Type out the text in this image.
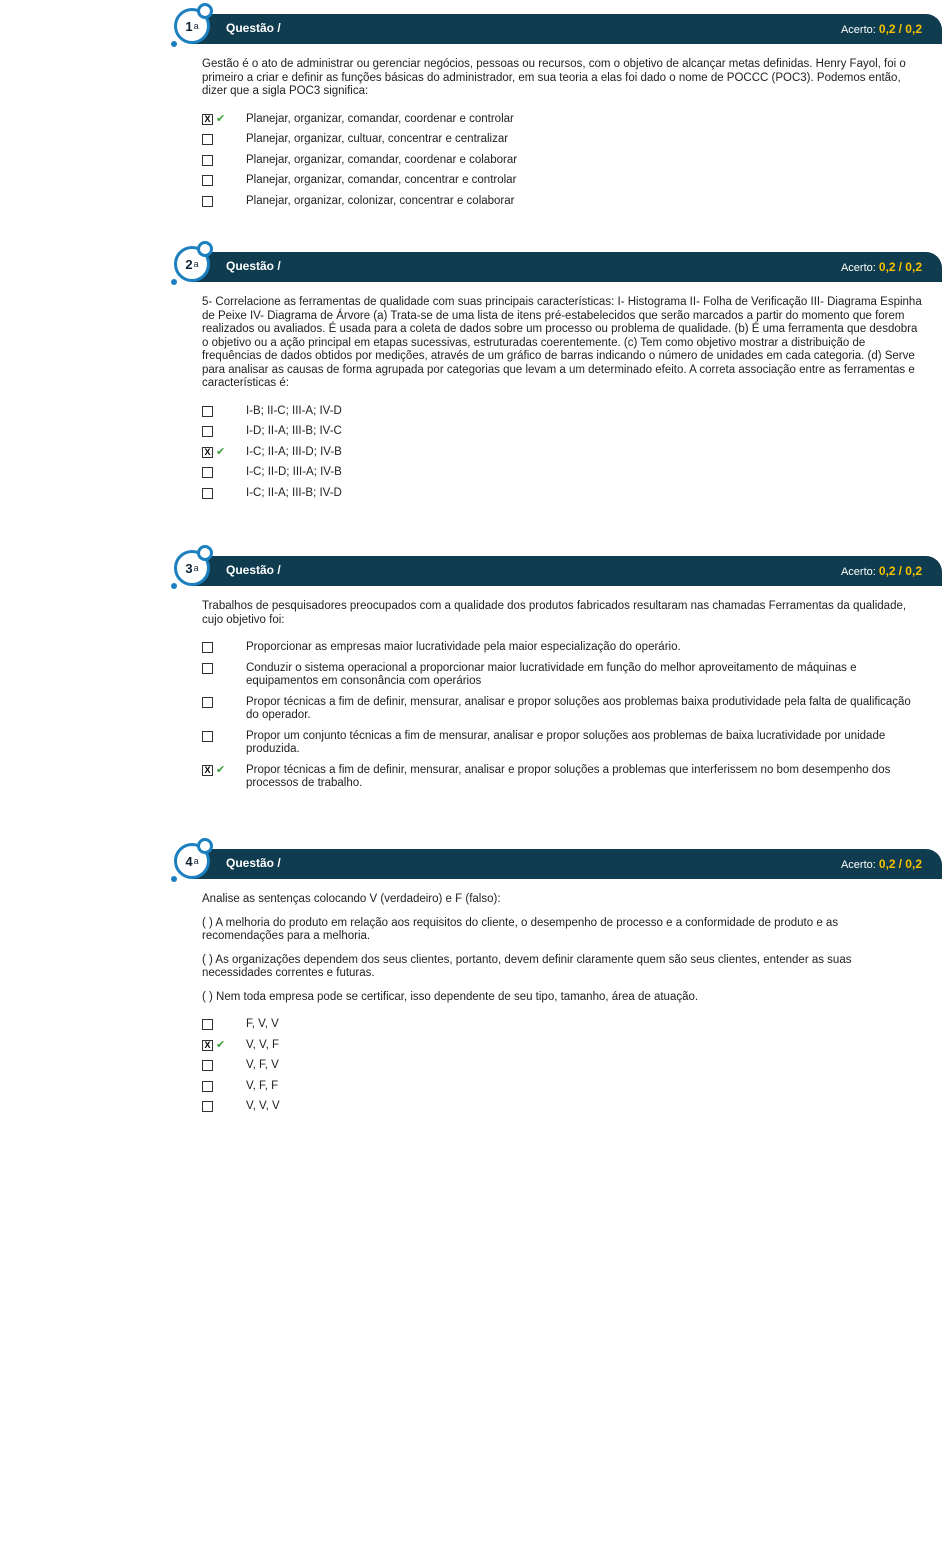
1 a Questão /	Acerto: 0,2 / 0,2

Gestão é o ato de administrar ou gerenciar negócios, pessoas ou recursos, com o objetivo de alcançar metas definidas. Henry Fayol, foi o primeiro a criar e definir as funções básicas do administrador, em sua teoria a elas foi dado o nome de POCCC (POC3). Podemos então, dizer que a sigla POC3 significa:

X ✔	Planejar, organizar, comandar, coordenar e controlar
Planejar, organizar, cultuar, concentrar e centralizar
Planejar, organizar, comandar, coordenar e colaborar
Planejar, organizar, comandar, concentrar e controlar
Planejar, organizar, colonizar, concentrar e colaborar
2 a Questão /	Acerto: 0,2 / 0,2

5- Correlacione as ferramentas de qualidade com suas principais características: I- Histograma II- Folha de Verificação III- Diagrama Espinha de Peixe IV- Diagrama de Árvore (a) Trata-se de uma lista de itens pré-estabelecidos que serão marcados a partir do momento que forem realizados ou avaliados. É usada para a coleta de dados sobre um processo ou problema de qualidade. (b) É uma ferramenta que desdobra o objetivo ou a ação principal em etapas sucessivas, estruturadas coerentemente. (c) Tem como objetivo mostrar a distribuição de frequências de dados obtidos por medições, através de um gráfico de barras indicando o número de unidades em cada categoria. (d) Serve para analisar as causas de forma agrupada por categorias que levam a um determinado efeito. A correta associação entre as ferramentas e características é:

I-B; II-C; III-A; IV-D
I-D; II-A; III-B; IV-C
X ✔	I-C; II-A; III-D; IV-B
I-C; II-D; III-A; IV-B
I-C; II-A; III-B; IV-D
3 a Questão /	Acerto: 0,2 / 0,2

Trabalhos de pesquisadores preocupados com a qualidade dos produtos fabricados resultaram nas chamadas Ferramentas da qualidade, cujo objetivo foi:

Proporcionar as empresas maior lucratividade pela maior especialização do operário.
Conduzir o sistema operacional a proporcionar maior lucratividade em função do melhor aproveitamento de máquinas e equipamentos em consonância com operários
Propor técnicas a fim de definir, mensurar, analisar e propor soluções aos problemas baixa produtividade pela falta de qualificação do operador.
Propor um conjunto técnicas a fim de mensurar, analisar e propor soluções aos problemas de baixa lucratividade por unidade produzida.
X ✔	Propor técnicas a fim de definir, mensurar, analisar e propor soluções a problemas que interferissem no bom desempenho dos processos de trabalho.
4 a Questão /	Acerto: 0,2 / 0,2

Analise as sentenças colocando V (verdadeiro) e F (falso):

( ) A melhoria do produto em relação aos requisitos do cliente, o desempenho de processo e a conformidade de produto e as recomendações para a melhoria.

( ) As organizações dependem dos seus clientes, portanto, devem definir claramente quem são seus clientes, entender as suas necessidades correntes e futuras.

( ) Nem toda empresa pode se certificar, isso dependente de seu tipo, tamanho, área de atuação.

F, V, V
X ✔	V, V, F
V, F, V
V, F, F
V, V, V
